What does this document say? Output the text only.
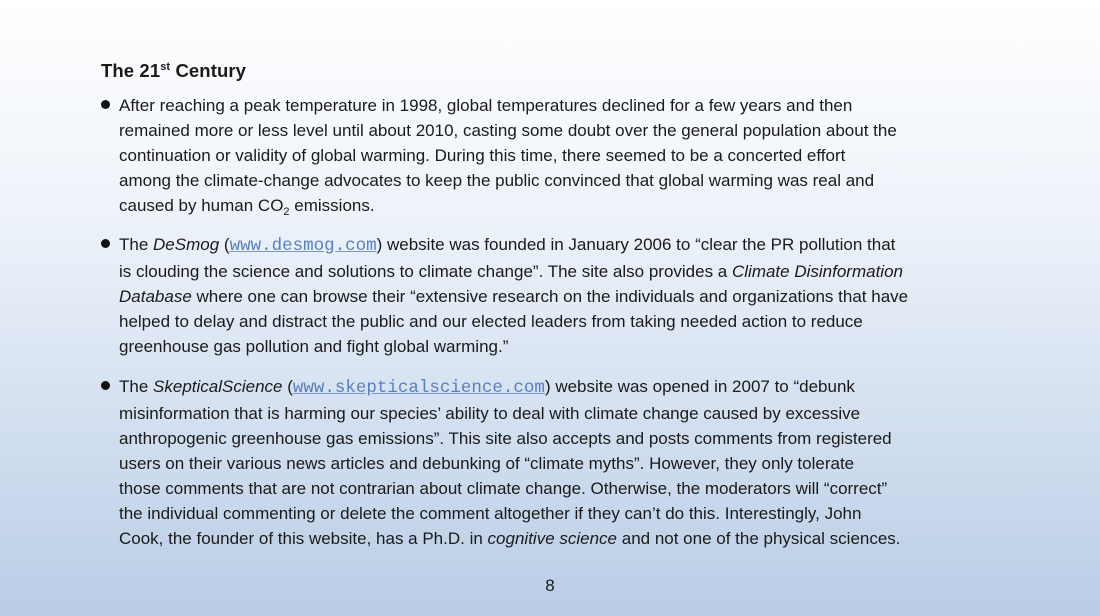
The 21st Century
After reaching a peak temperature in 1998, global temperatures declined for a few years and then
remained more or less level until about 2010, casting some doubt over the general population about the
continuation or validity of global warming. During this time, there seemed to be a concerted effort
among the climate-change advocates to keep the public convinced that global warming was real and
caused by human $CO_2$ emissions.
The DeSmog (www.desmog.com) website was founded in January 2006 to “clear the PR pollution that
is clouding the science and solutions to climate change”. The site also provides a Climate Disinformation
Database where one can browse their “extensive research on the individuals and organizations that have
helped to delay and distract the public and our elected leaders from taking needed action to reduce
greenhouse gas pollution and fight global warming.”
The SkepticalScience (www.skepticalscience.com) website was opened in 2007 to “debunk
misinformation that is harming our species’ ability to deal with climate change caused by excessive
anthropogenic greenhouse gas emissions”. This site also accepts and posts comments from registered
users on their various news articles and debunking of “climate myths”. However, they only tolerate
those comments that are not contrarian about climate change. Otherwise, the moderators will “correct”
the individual commenting or delete the comment altogether if they can’t do this. Interestingly, John
Cook, the founder of this website, has a Ph.D. in cognitive science and not one of the physical sciences.
8
